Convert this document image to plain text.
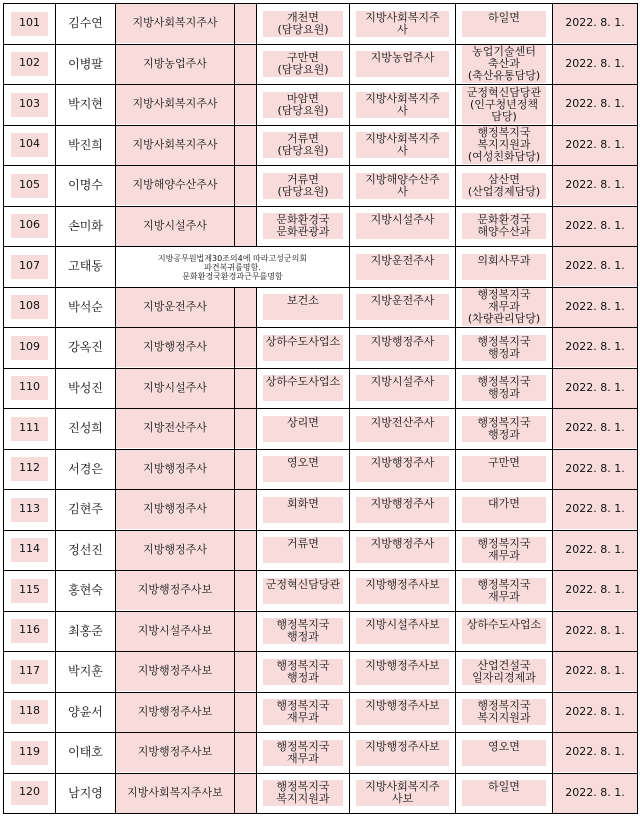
101	김수연	지방사회복지주사		개천면
(담당요원)	지방사회복지주
사	하일면	2022. 8. 1.
102	이병팔	지방농업주사		구만면
(담당요원)	지방농업주사	농업기술센터
축산과
(축산유통담당)	2022. 8. 1.
103	박지현	지방사회복지주사		마암면
(담당요원)	지방사회복지주
사	군정혁신담당관
(인구청년정책
담당)	2022. 8. 1.
104	박진희	지방사회복지주사		거류면
(담당요원)	지방사회복지주
사	행정복지국
복지지원과
(여성친화담당)	2022. 8. 1.
105	이명수	지방해양수산주사		거류면
(담당요원)	지방해양수산주
사	삼산면
(산업경제담당)	2022. 8. 1.
106	손미화	지방시설주사		문화환경국
문화관광과	지방시설주사	문화환경국
해양수산과	2022. 8. 1.
107	고태동	지방공무원법제30조의4에 따라고성군의회
파견복귀를명함.
문화환경국환경과근무를명함			지방운전주사	의회사무과	2022. 8. 1.
108	박석순	지방운전주사		보건소	지방운전주사	행정복지국
재무과
(차량관리담당)	2022. 8. 1.
109	강옥진	지방행정주사		상하수도사업소	지방행정주사	행정복지국
행정과	2022. 8. 1.
110	박성진	지방시설주사		상하수도사업소	지방시설주사	행정복지국
행정과	2022. 8. 1.
111	진성희	지방전산주사		상리면	지방전산주사	행정복지국
행정과	2022. 8. 1.
112	서경은	지방행정주사		영오면	지방행정주사	구만면	2022. 8. 1.
113	김현주	지방행정주사		회화면	지방행정주사	대가면	2022. 8. 1.
114	정선진	지방행정주사		거류면	지방행정주사	행정복지국
재무과	2022. 8. 1.
115	홍현숙	지방행정주사보		군정혁신담당관	지방행정주사보	행정복지국
재무과	2022. 8. 1.
116	최홍준	지방시설주사보		행정복지국
행정과	지방시설주사보	상하수도사업소	2022. 8. 1.
117	박지훈	지방행정주사보		행정복지국
행정과	지방행정주사보	산업건설국
일자리경제과	2022. 8. 1.
118	양윤서	지방행정주사보		행정복지국
재무과	지방행정주사보	행정복지국
복지지원과	2022. 8. 1.
119	이태호	지방행정주사보		행정복지국
재무과	지방행정주사보	영오면	2022. 8. 1.
120	남지영	지방사회복지주사보		행정복지국
복지지원과	지방사회복지주
사보	하일면	2022. 8. 1.
